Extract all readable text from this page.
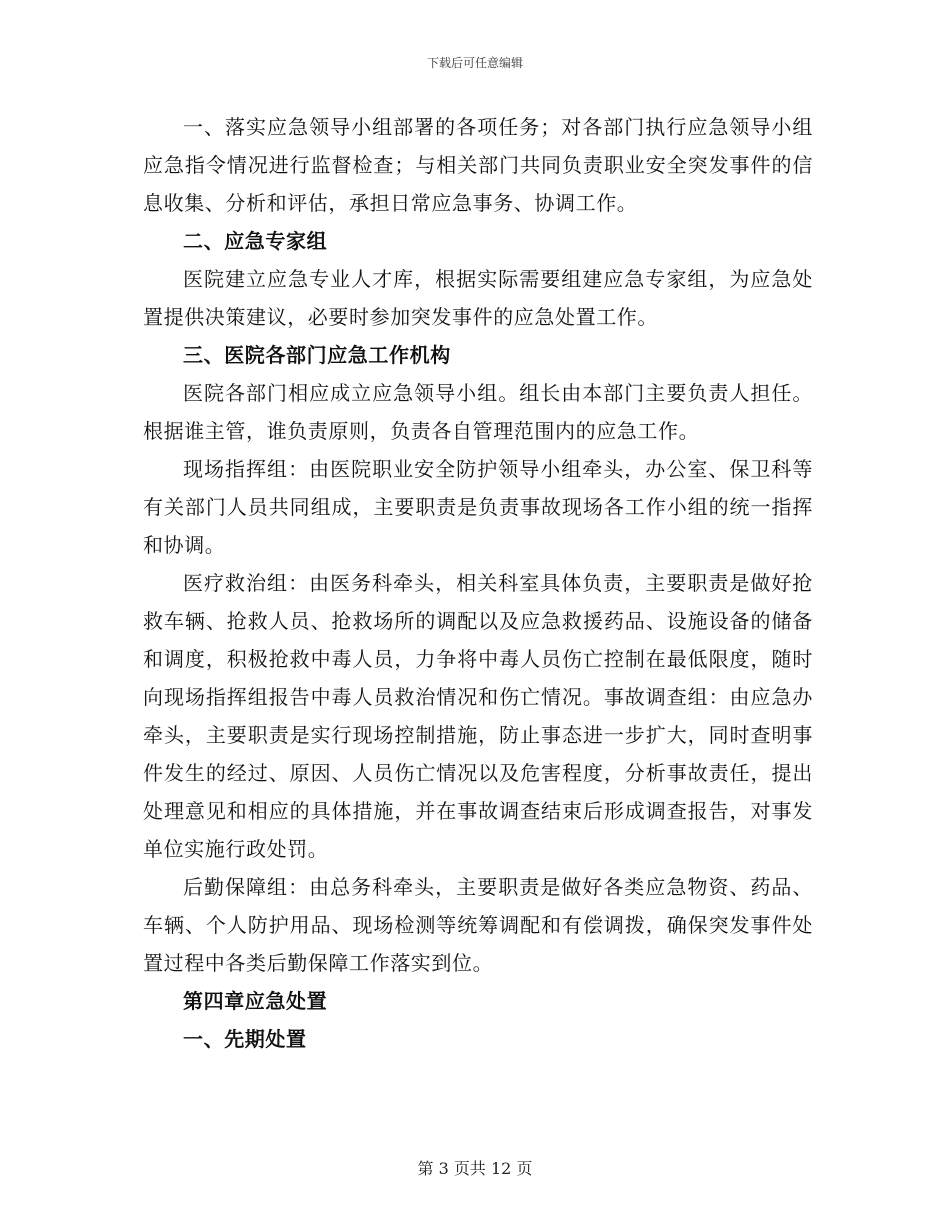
下载后可任意编辑

一、落实应急领导小组部署的各项任务；对各部门执行应急领导小组应急指令情况进行监督检查；与相关部门共同负责职业安全突发事件的信息收集、分析和评估，承担日常应急事务、协调工作。

二、应急专家组

医院建立应急专业人才库，根据实际需要组建应急专家组，为应急处置提供决策建议，必要时参加突发事件的应急处置工作。

三、医院各部门应急工作机构

医院各部门相应成立应急领导小组。组长由本部门主要负责人担任。根据谁主管，谁负责原则，负责各自管理范围内的应急工作。

现场指挥组：由医院职业安全防护领导小组牵头，办公室、保卫科等有关部门人员共同组成，主要职责是负责事故现场各工作小组的统一指挥和协调。

医疗救治组：由医务科牵头，相关科室具体负责，主要职责是做好抢救车辆、抢救人员、抢救场所的调配以及应急救援药品、设施设备的储备和调度，积极抢救中毒人员，力争将中毒人员伤亡控制在最低限度，随时向现场指挥组报告中毒人员救治情况和伤亡情况。事故调查组：由应急办牵头，主要职责是实行现场控制措施，防止事态进一步扩大，同时查明事件发生的经过、原因、人员伤亡情况以及危害程度，分析事故责任，提出处理意见和相应的具体措施，并在事故调查结束后形成调查报告，对事发单位实施行政处罚。

后勤保障组：由总务科牵头，主要职责是做好各类应急物资、药品、车辆、个人防护用品、现场检测等统筹调配和有偿调拨，确保突发事件处置过程中各类后勤保障工作落实到位。

第四章应急处置

一、先期处置

第 3 页共 12 页
